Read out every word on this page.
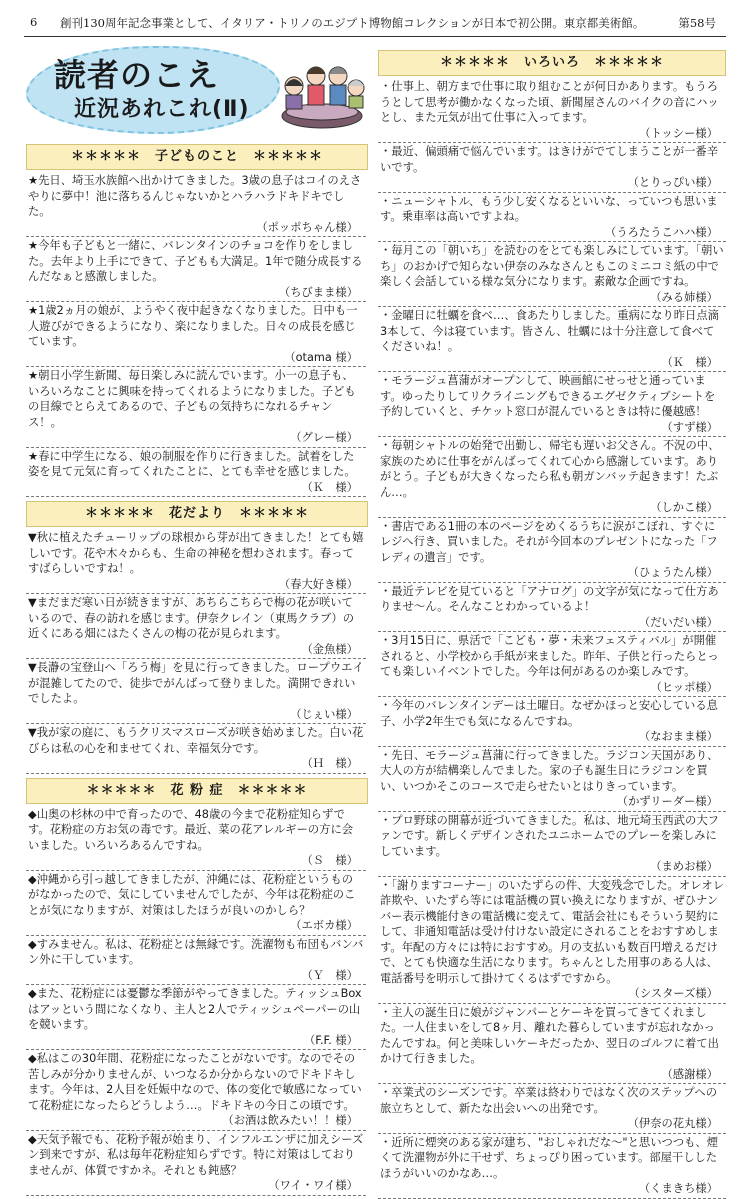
6 創刊130周年記念事業として、イタリア・トリノのエジプト博物館コレクションが日本で初公開。東京都美術館。	第58号
読者のこえ
近況あれこれ(Ⅱ)
＊＊＊＊＊　子どものこと　＊＊＊＊＊
★先日、埼玉水族館へ出かけてきました。3歳の息子はコイのえさやりに夢中！池に落ちるんじゃないかとハラハラドキドキでした。
（ポッポちゃん様）
★今年も子どもと一緒に、バレンタインのチョコを作りをしました。去年より上手にできて、子どもも大満足。1年で随分成長するんだなぁと感激しました。
（ちびまま様）
★1歳2ヵ月の娘が、ようやく夜中起きなくなりました。日中も一人遊びができるようになり、楽になりました。日々の成長を感じています。
（otama 様）
★朝日小学生新聞、毎日楽しみに読んでいます。小一の息子も、いろいろなことに興味を持ってくれるようになりました。子どもの目線でとらえてあるので、子どもの気持ちになれるチャンス！。
（グレー様）
★春に中学生になる、娘の制服を作りに行きました。試着をした姿を見て元気に育ってくれたことに、とても幸せを感じました。
（Ｋ　様）
＊＊＊＊＊　花だより　＊＊＊＊＊
▼秋に植えたチューリップの球根から芽が出てきました！とても嬉しいです。花や木々からも、生命の神秘を想わされます。春ってすばらしいですね！。
（春大好き様）
▼まだまだ寒い日が続きますが、あちらこちらで梅の花が咲いているので、春の訪れを感じます。伊奈クレイン（東馬クラブ）の近くにある畑にはたくさんの梅の花が見られます。
（金魚様）
▼長瀞の宝登山へ「ろう梅」を見に行ってきました。ロープウエイが混雑してたので、徒歩でがんばって登りました。満開できれいでしたよ。
（じぇい様）
▼我が家の庭に、もうクリスマスローズが咲き始めました。白い花びらは私の心を和ませてくれ、幸福気分です。
（Ｈ　様）
＊＊＊＊＊　花 粉 症　＊＊＊＊＊
◆山奥の杉林の中で育ったので、48歳の今まで花粉症知らずです。花粉症の方お気の毒です。最近、菜の花アレルギーの方に会いました。いろいろあるんですね。
（Ｓ　様）
◆沖縄から引っ越してきましたが、沖縄には、花粉症というものがなかったので、気にしていませんでしたが、今年は花粉症のことが気になりますが、対策はしたほうが良いのかしら？
（エボカ様）
◆すみません。私は、花粉症とは無縁です。洗濯物も布団もバンバン外に干しています。
（Ｙ　様）
◆また、花粉症には憂鬱な季節がやってきました。ティッシュBoxはアッという間になくなり、主人と2人でティッシュペーパーの山を競います。
（F.F. 様）
◆私はこの30年間、花粉症になったことがないです。なのでその苦しみが分かりませんが、いつなるか分からないのでドキドキします。今年は、2人目を妊娠中なので、体の変化で敏感になっていて花粉症になったらどうしよう…。ドキドキの今日この頃です。
（お酒は飲みたい！！様）
◆天気予報でも、花粉予報が始まり、インフルエンザに加えシーズン到来ですが、私は毎年花粉症知らずです。特に対策はしておりませんが、体質ですかネ。それとも鈍感？
（ワイ・ワイ様）
＊＊＊＊＊　いろいろ　＊＊＊＊＊
・仕事上、朝方まで仕事に取り組むことが何日かあります。もうろうとして思考が働かなくなった頃、新聞屋さんのバイクの音にハッとし、また元気が出て仕事に入ってます。
（トッシー様）
・最近、偏頭痛で悩んでいます。はきけがでてしまうことが一番辛いです。
（とりっぴい様）
・ニューシャトル、もう少し安くなるといいな、っていつも思います。乗車率は高いですよね。
（うろたうこハハ様）
・毎月この「朝いち」を読むのをとても楽しみにしています。「朝いち」のおかげで知らない伊奈のみなさんともこのミニコミ紙の中で楽しく会話している様な気分になります。素敵な企画ですね。
（みる姉様）
・金曜日に牡蠣を食べ…、食あたりしました。重病になり昨日点滴3本して、今は寝ています。皆さん、牡蠣には十分注意して食べてくださいね！。
（Ｋ　様）
・モラージュ菖蒲がオープンして、映画館にせっせと通っています。ゆったりしてリクライニングもできるエグゼクティブシートを予約していくと、チケット窓口が混んでいるときは特に優越感！
（すず様）
・毎朝シャトルの始発で出勤し、帰宅も遅いお父さん。不況の中、家族のために仕事をがんばってくれて心から感謝しています。ありがとう。子どもが大きくなったら私も朝ガンバッテ起きます！たぶん…。
（しかこ様）
・書店である1冊の本のページをめくるうちに涙がこぼれ、すぐにレジへ行き、買いました。それが今回本のプレゼントになった「フレディの遺言」です。
（ひょうたん様）
・最近テレビを見ていると「アナログ」の文字が気になって仕方ありませ～ん。そんなことわかっているよ！
（だいだい様）
・3月15日に、県活で「こども・夢・未来フェスティバル」が開催されると、小学校から手紙が来ました。昨年、子供と行ったらとっても楽しいイベントでした。今年は何があるのか楽しみです。
（ヒッポ様）
・今年のバレンタインデーは土曜日。なぜかほっと安心している息子、小学2年生でも気になるんですね。
（なおまま様）
・先日、モラージュ菖蒲に行ってきました。ラジコン天国があり、大人の方が結構楽しんでました。家の子も誕生日にラジコンを買い、いつかそこのコースで走らせたいとはりきっています。
（かずリーダー様）
・プロ野球の開幕が近づいてきました。私は、地元埼玉西武の大ファンです。新しくデザインされたユニホームでのプレーを楽しみにしています。
（まめお様）
・「謝りますコーナー」のいたずらの件、大変残念でした。オレオレ詐欺や、いたずら等には電話機の買い換えになりますが、ぜひナンバー表示機能付きの電話機に変えて、電話会社にもそういう契約にして、非通知電話は受け付けない設定にされることをおすすめします。年配の方々には特におすすめ。月の支払いも数百円増えるだけで、とても快適な生活になります。ちゃんとした用事のある人は、電話番号を明示して掛けてくるはずですから。
（シスターズ様）
・主人の誕生日に娘がジャンパーとケーキを買ってきてくれました。一人住まいをして8ヶ月、離れた暮らしていますが忘れなかったんですね。何と美味しいケーキだったか、翌日のゴルフに着て出かけて行きました。
（感謝様）
・卒業式のシーズンです。卒業は終わりではなく次のステップへの旅立ちとして、新たな出会いへの出発です。
（伊奈の花丸様）
・近所に煙突のある家が建ち、"おしゃれだな～"と思いつつも、煙くて洗濯物が外に干せず、ちょっぴり困っています。部屋干ししたほうがいいのかなあ…。
（くまきち様）
